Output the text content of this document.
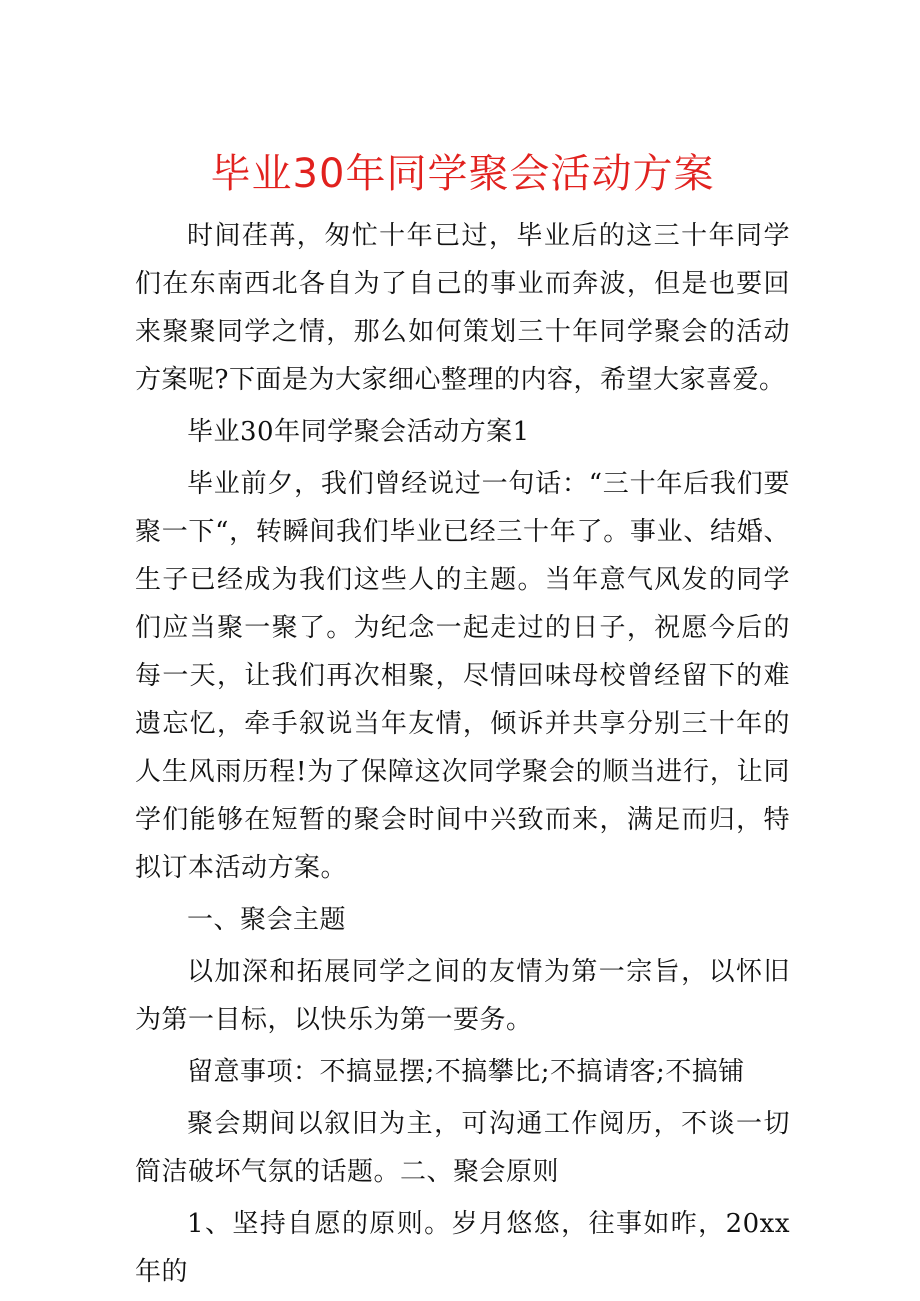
毕业30年同学聚会活动方案

时间荏苒，匆忙十年已过，毕业后的这三十年同学们在东南西北各自为了自己的事业而奔波，但是也要回来聚聚同学之情，那么如何策划三十年同学聚会的活动方案呢?下面是为大家细心整理的内容，希望大家喜爱。

毕业30年同学聚会活动方案1

毕业前夕，我们曾经说过一句话：“三十年后我们要聚一下“，转瞬间我们毕业已经三十年了。事业、结婚、生子已经成为我们这些人的主题。当年意气风发的同学们应当聚一聚了。为纪念一起走过的日子，祝愿今后的每一天，让我们再次相聚，尽情回味母校曾经留下的难遗忘忆，牵手叙说当年友情，倾诉并共享分别三十年的人生风雨历程!为了保障这次同学聚会的顺当进行，让同学们能够在短暂的聚会时间中兴致而来，满足而归，特拟订本活动方案。

一、聚会主题

以加深和拓展同学之间的友情为第一宗旨，以怀旧为第一目标，以快乐为第一要务。

留意事项：不搞显摆;不搞攀比;不搞请客;不搞铺

聚会期间以叙旧为主，可沟通工作阅历，不谈一切简洁破坏气氛的话题。二、聚会原则

1、坚持自愿的原则。岁月悠悠，往事如昨，20xx年的
